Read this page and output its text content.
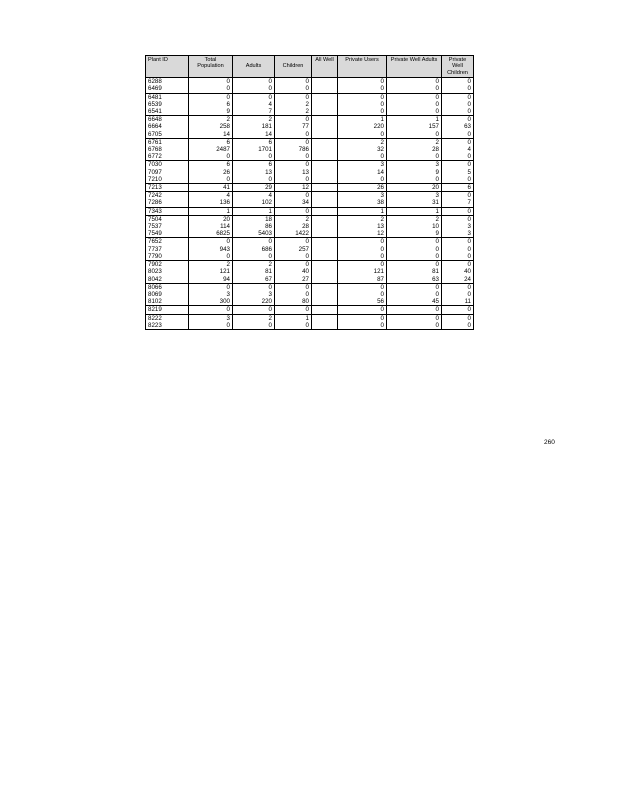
Plant ID	Total Population	Adults	Children	All Well	Private Users	Private Well Adults	Private Well Children
6288	0	0	0		0	0	0
6469	0	0	0		0	0	0
6481	0	0	0		0	0	0
6539	6	4	2		0	0	0
6541	9	7	2		0	0	0
6648	2	2	0		1	1	0
6664	258	181	77		220	157	63
6705	14	14	0		0	0	0
6761	6	6	0		2	2	0
6768	2487	1701	786		32	28	4
6772	0	0	0		0	0	0
7030	6	6	0		3	3	0
7097	26	13	13		14	9	5
7210	0	0	0		0	0	0
7213	41	29	12		26	20	6
7242	4	4	0		3	3	0
7286	136	102	34		38	31	7
7343	1	1	0		1	1	0
7504	20	18	2		2	2	0
7537	114	86	28		13	10	3
7549	6825	5403	1422		12	9	3
7652	0	0	0		0	0	0
7737	943	686	257		0	0	0
7790	0	0	0		0	0	0
7902	2	2	0		0	0	0
8023	121	81	40		121	81	40
8042	94	67	27		87	63	24
8066	0	0	0		0	0	0
8069	3	3	0		0	0	0
8102	300	220	80		56	45	11
8219	0	0	0		0	0	0
8222	3	2	1		0	0	0
8223	0	0	0		0	0	0
260
